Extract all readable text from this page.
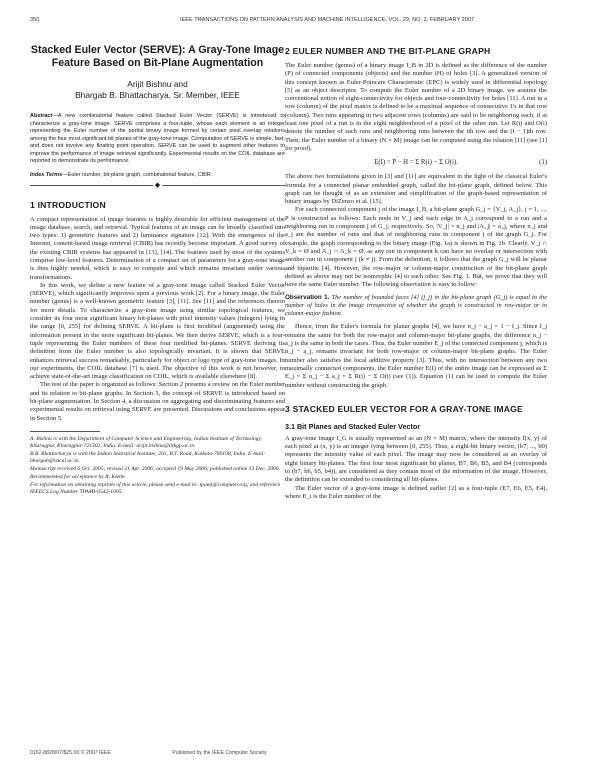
350	IEEE TRANSACTIONS ON PATTERN ANALYSIS AND MACHINE INTELLIGENCE, VOL. 29, NO. 2, FEBRUARY 2007
Stacked Euler Vector (SERVE): A Gray-Tone Image Feature Based on Bit-Plane Augmentation
Arijit Bishnu and
Bhargab B. Bhattacharya, Sr. Member, IEEE
Abstract—A new combinatorial feature called Stacked Euler Vector (SERVE) is introduced to characterize a gray-tone image. SERVE comprises a four-tuple, whose each element is an integer representing the Euler number of the partial binary image formed by certain pixel overlap relations among the four most significant bit planes of the gray-tone image. Computation of SERVE is simple, fast, and does not involve any floating point operation. SERVE can be used to augment other features to improve the performance of image retrieval significantly. Experimental results on the COIL database are reported to demonstrate its performance.
Index Terms—Euler number, bit-plane graph, combinatorial feature, CBIR.
◆
1 INTRODUCTION

A compact representation of image features is highly desirable for efficient management of the image database, search, and retrieval. Typical features of an image can be broadly classified into two types: 1) geometric features and 2) luminance signature [12]. With the emergence of the Internet, content-based image retrieval (CBIR) has recently become important. A good survey of the existing CBIR systems has appeared in [13], [14]. The features used by most of the systems comprise low-level features. Determination of a compact set of parameters for a gray-tone image is thus highly needed, which is easy to compute and which remains invariant under various transformations.

In this work, we define a new feature of a gray-tone image called Stacked Euler Vector (SERVE), which significantly improves upon a previous work [2]. For a binary image, the Euler number (genus) is a well-known geometric feature [3], [11]. See [11] and the references therein for more details. To characterize a gray-tone image using similar topological features, we consider its four most significant binary bit-planes with pixel intensity values (integers) lying in the range [0, 255] for defining SERVE. A bit-plane is first modified (augmented) using the information present in the more significant bit-planes. We then derive SERVE, which is a four-tuple representing the Euler numbers of these four modified bit-planes. SERVE deriving its definition from the Euler number is also topologically invariant. It is shown that SERVE enhances retrieval success remarkably, particularly for object or logo type of gray-tone images. In our experiments, the COIL database [7] is used. The objective of this work is not however, to achieve state-of-the-art image classification on COIL, which is available elsewhere [8].

The rest of the paper is organized as follows: Section 2 presents a review on the Euler number and its relation to bit-plane graphs. In Section 3, the concept of SERVE is introduced based on bit-plane augmentation. In Section 4, a discussion on aggregating and discriminating features and experimental results on retrieval using SERVE are presented. Discussions and conclusions appear in Section 5.

A. Bishnu is with the Department of Computer Science and Engineering, Indian Institute of Technology, Kharagpur, Kharagpur-721302, India. E-mail: arijit.bishnu@iitkgp.ac.in.
B.B. Bhattacharya is with the Indian Statistical Institute, 203, B.T. Road, Kolkata-700108, India. E-mail: bhargab@isical.ac.in.
Manuscript received 6 Oct. 2005; revised 21 Apr. 2006; accepted 19 May 2006; published online 13 Dec. 2006.
Recommended for acceptance by R. Klette.
For information on obtaining reprints of this article, please send e-mail to: tpami@computer.org, and reference IEEECS Log Number TPAMI-0542-1005.
2 EULER NUMBER AND THE BIT-PLANE GRAPH

The Euler number (genus) of a binary image I_B in 2D is defined as the difference of the number (P) of connected components (objects) and the number (H) of holes [3]. A generalized version of this concept known as Euler-Poincare Characteristic (EPC) is widely used in differential topology [5] as an object descriptor. To compute the Euler number of a 2D binary image, we assume the conventional notion of eight-connectivity for objects and four-connectivity for holes [11]. A run in a row (column) of the pixel matrix is defined to be a maximal sequence of consecutive 1's in that row (column). Two runs appearing in two adjacent rows (columns) are said to be neighboring each, if at least one pixel of a run is in the eight neighborhood of a pixel of the other run. Let R(i) and O(i) denote the number of such runs and neighboring runs between the ith row and the (i − 1)th row. Then, the Euler number of a binary (N × M) image can be computed using the relation [11] (see [1] for proof).

E(I) = P − H = Σ R(i) − Σ O(i).	(1)

The above two formulations given in [3] and [11] are equivalent in the light of the classical Euler's formula for a connected planar embedded graph, called the bit-plane graph, defined below. This graph can be thought of as an extension and simplification of the graph-based representation of binary images by DiZenzo et al. [15].

For each connected component j of the image I_B, a bit-plane graph G_j = {V_j, A_j}, j = 1, ..., P is constructed as follows: Each node in V_j and each edge in A_j correspond to a run and a neighboring run in component j of G_j, respectively. So, |V_j| = n_j and |A_j| = a_j, where n_j and a_j are the number of runs and that of neighboring runs in component j of the graph G_j. For example, the graph corresponding to the binary image (Fig. 1a) is shown in Fig. 1b. Clearly, V_j ∩ V_k = Ø and A_j ∩ A_k = Ø, as any run in component k can have no overlap or intersection with another run in component j (k ≠ j). From the definition, it follows that the graph G_j will be planar and bipartite [4]. However, the row-major or column-major construction of the bit-plane graph defined as above may not be isomorphic [4] to each other. See Fig. 1. But, we prove that they will have the same Euler number. The following observation is easy to follow:

Observation 1. The number of bounded faces [4] (f_j) in the bit-plane graph (G_j) is equal to the number of holes in the image irrespective of whether the graph is constructed in row-major or in column-major fashion.

Hence, from the Euler's formula for planar graphs [4], we have n_j − a_j = 1 − f_j. Since f_j remains the same for both the row-major and column-major bit-plane graphs, the difference n_j − a_j is the same in both the cases. Thus, the Euler number E_j of the connected component j, which is n_j − a_j, remains invariant for both row-major or column-major bit-plane graphs. The Euler number also satisfies the local additive property [3]. Thus, with no intersection between any two maximally connected components, the Euler number E(I) of the entire image can be expressed as Σ E_j = Σ n_j − Σ a_j = Σ R(i) − Σ O(i) (see (1)). Equation (1) can be used to compute the Euler number without constructing the graph.

3 STACKED EULER VECTOR FOR A GRAY-TONE IMAGE
3.1 Bit Planes and Stacked Euler Vector

A gray-tone image I_G is usually represented as an (N × M) matrix, where the intensity I(x, y) of each pixel at (x, y) is an integer lying between [0, 255]. Thus, a eight-bit binary vector, (b7, ..., b0) represents the intensity value of each pixel. The image may now be considered as an overlay of eight binary bit-planes. The first four most significant bit planes, B7, B6, B5, and B4 (corresponds to (b7, b6, b5, b4)), are considered as they contain most of the information of the image. However, the definition can be extended to considering all bit-planes.

The Euler vector of a gray-tone image is defined earlier [2] as a four-tuple (E7, E6, E5, E4), where E_i is the Euler number of the

0162-8828/07/$25.00 © 2007 IEEE	Published by the IEEE Computer Society
